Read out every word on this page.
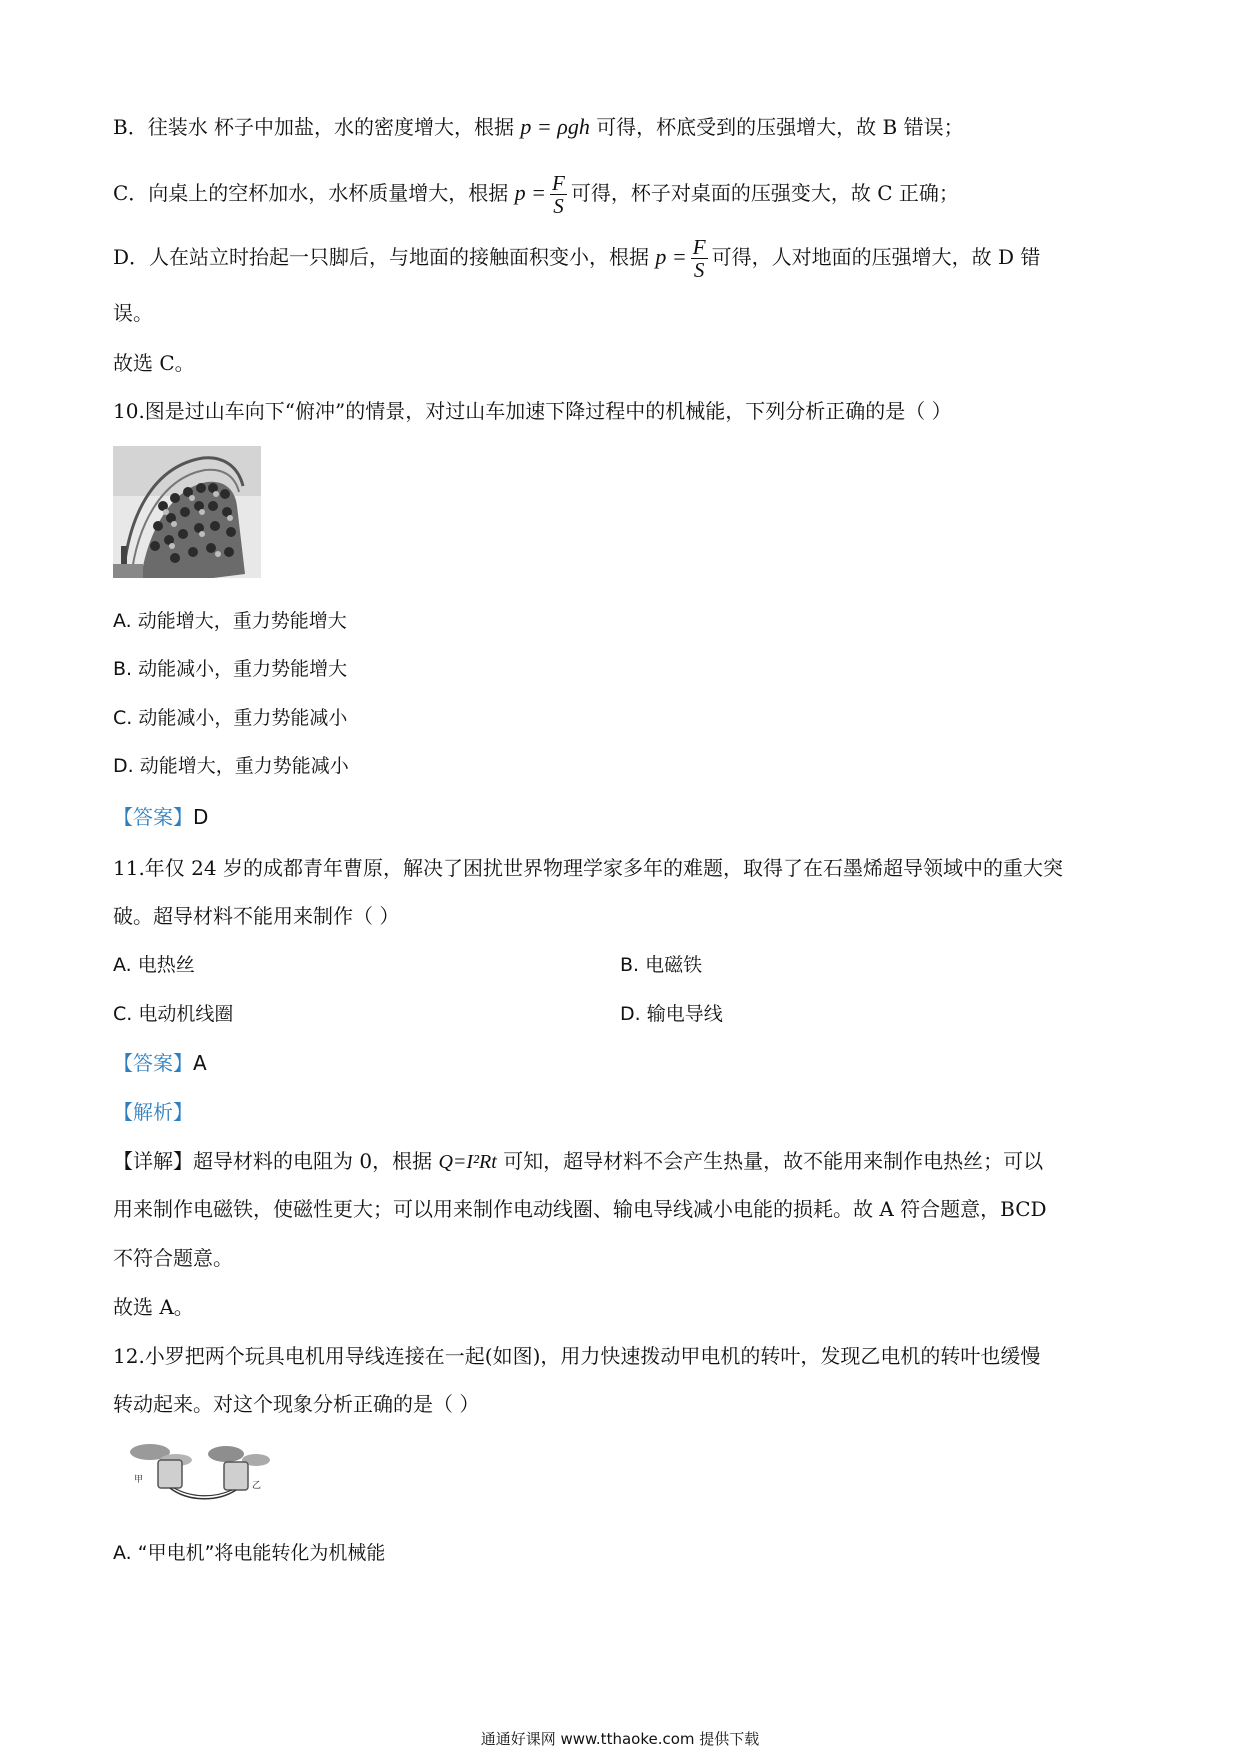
B．往装水 杯子中加盐，水的密度增大，根据 p = ρgh 可得，杯底受到的压强增大，故 B 错误；
C．向桌上的空杯加水，水杯质量增大，根据 $p = \frac{F}{S}$ 可得，杯子对桌面的压强变大，故 C 正确；
D．人在站立时抬起一只脚后，与地面的接触面积变小，根据 $p = \frac{F}{S}$ 可得，人对地面的压强增大，故 D 错
误。
故选 C。
10.图是过山车向下“俯冲”的情景，对过山车加速下降过程中的机械能，下列分析正确的是（ ）
A. 动能增大，重力势能增大
B. 动能减小，重力势能增大
C. 动能减小，重力势能减小
D. 动能增大，重力势能减小
【答案】D
11.年仅 24 岁的成都青年曹原，解决了困扰世界物理学家多年的难题，取得了在石墨烯超导领域中的重大突
破。超导材料不能用来制作（ ）
A. 电热丝	B. 电磁铁
C. 电动机线圈	D. 输电导线
【答案】A
【解析】
【详解】超导材料的电阻为 0，根据 Q=I²Rt 可知，超导材料不会产生热量，故不能用来制作电热丝；可以
用来制作电磁铁，使磁性更大；可以用来制作电动线圈、输电导线减小电能的损耗。故 A 符合题意，BCD
不符合题意。
故选 A。
12.小罗把两个玩具电机用导线连接在一起(如图)，用力快速拨动甲电机的转叶，发现乙电机的转叶也缓慢
转动起来。对这个现象分析正确的是（ ）
甲
乙
A. “甲电机”将电能转化为机械能
通通好课网 www.tthaoke.com 提供下载
